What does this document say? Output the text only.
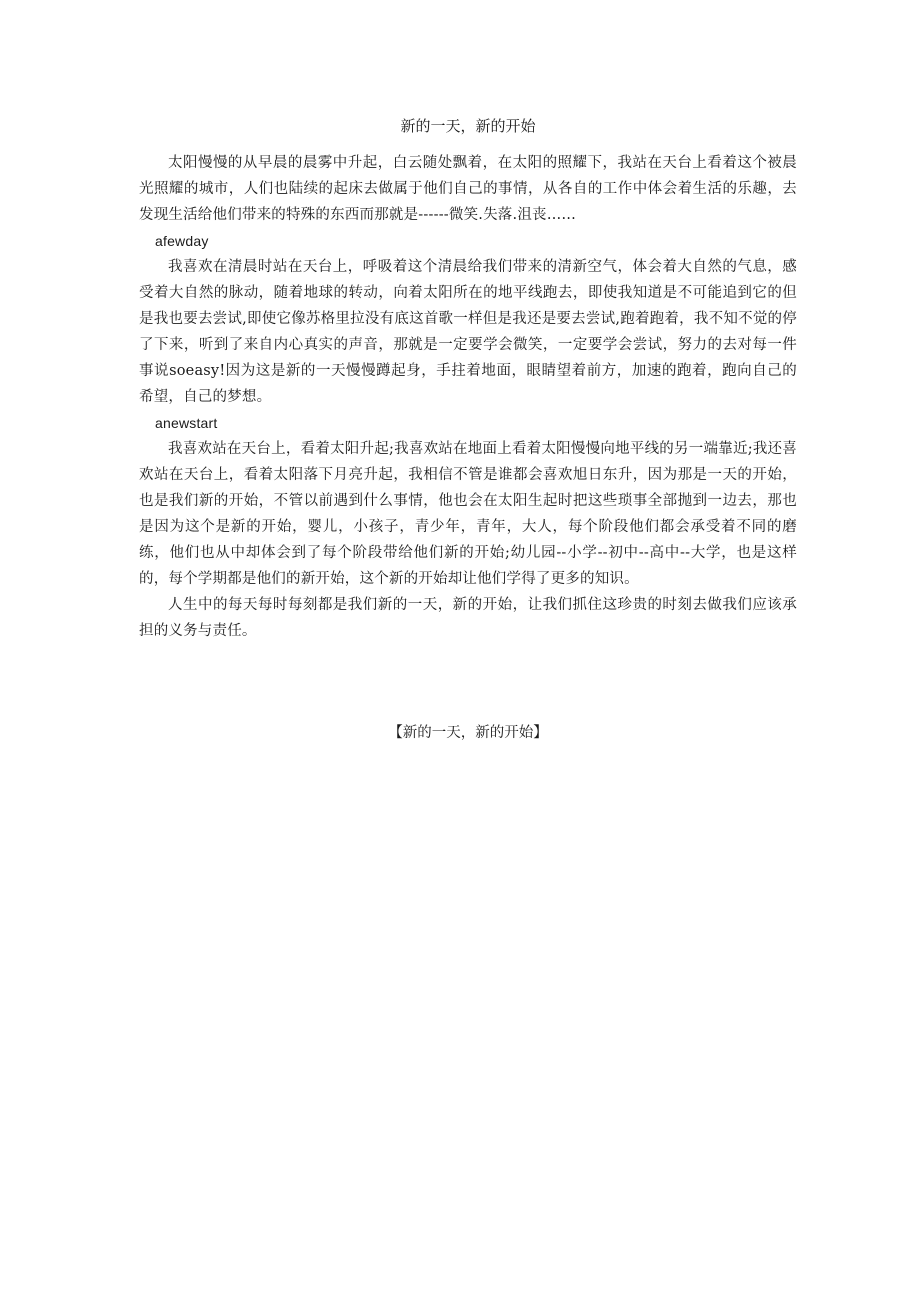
新的一天，新的开始

太阳慢慢的从早晨的晨雾中升起，白云随处飘着，在太阳的照耀下，我站在天台上看着这个被晨光照耀的城市，人们也陆续的起床去做属于他们自己的事情，从各自的工作中体会着生活的乐趣，去发现生活给他们带来的特殊的东西而那就是------微笑.失落.沮丧……

afewday

我喜欢在清晨时站在天台上，呼吸着这个清晨给我们带来的清新空气，体会着大自然的气息，感受着大自然的脉动，随着地球的转动，向着太阳所在的地平线跑去，即使我知道是不可能追到它的但是我也要去尝试,即使它像苏格里拉没有底这首歌一样但是我还是要去尝试,跑着跑着，我不知不觉的停了下来，听到了来自内心真实的声音，那就是一定要学会微笑，一定要学会尝试，努力的去对每一件事说soeasy!因为这是新的一天慢慢蹲起身，手拄着地面，眼睛望着前方，加速的跑着，跑向自己的希望，自己的梦想。

anewstart

我喜欢站在天台上，看着太阳升起;我喜欢站在地面上看着太阳慢慢向地平线的另一端靠近;我还喜欢站在天台上，看着太阳落下月亮升起，我相信不管是谁都会喜欢旭日东升，因为那是一天的开始，也是我们新的开始，不管以前遇到什么事情，他也会在太阳生起时把这些琐事全部抛到一边去，那也是因为这个是新的开始，婴儿，小孩子，青少年，青年，大人，每个阶段他们都会承受着不同的磨练，他们也从中却体会到了每个阶段带给他们新的开始;幼儿园--小学--初中--高中--大学，也是这样的，每个学期都是他们的新开始，这个新的开始却让他们学得了更多的知识。

人生中的每天每时每刻都是我们新的一天，新的开始，让我们抓住这珍贵的时刻去做我们应该承担的义务与责任。

【新的一天，新的开始】
